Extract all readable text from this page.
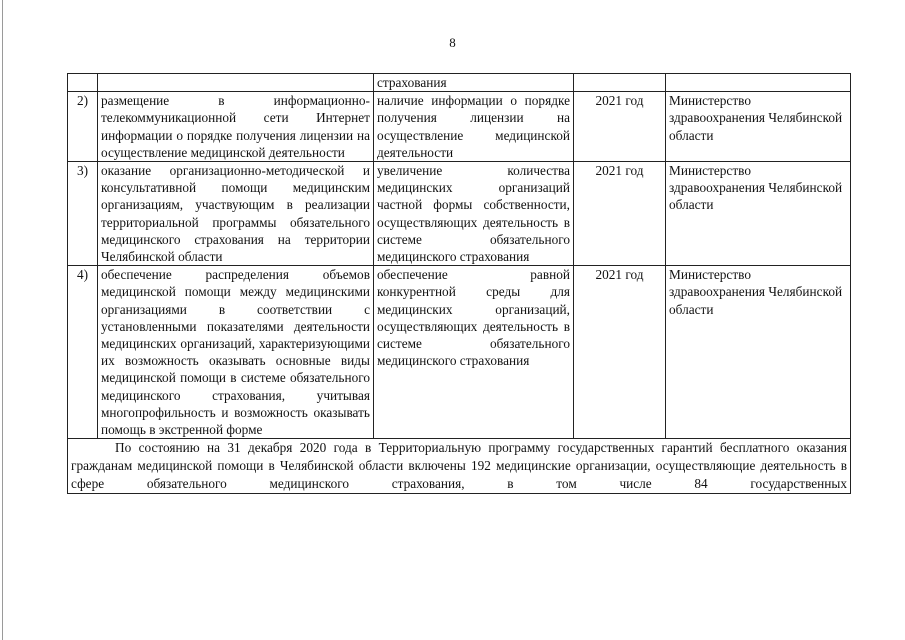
8
		страхования		
2)	размещение в информационно-телекоммуникационной сети Интернет информации о порядке получения лицензии на осуществление медицинской деятельности	наличие информации о порядке получения лицензии на осуществление медицинской деятельности	2021 год	Министерство здравоохранения Челябинской области
3)	оказание организационно-методической и консультативной помощи медицинским организациям, участвующим в реализации территориальной программы обязательного медицинского страхования на территории Челябинской области	увеличение количества медицинских организаций частной формы собственности, осуществляющих деятельность в системе обязательного медицинского страхования	2021 год	Министерство здравоохранения Челябинской области
4)	обеспечение распределения объемов медицинской помощи между медицинскими организациями в соответствии с установленными показателями деятельности медицинских организаций, характеризующими их возможность оказывать основные виды медицинской помощи в системе обязательного медицинского страхования, учитывая многопрофильность и возможность оказывать помощь в экстренной форме	обеспечение равной конкурентной среды для медицинских организаций, осуществляющих деятельность в системе обязательного медицинского страхования	2021 год	Министерство здравоохранения Челябинской области
По состоянию на 31 декабря 2020 года в Территориальную программу государственных гарантий бесплатного оказания гражданам медицинской помощи в Челябинской области включены 192 медицинские организации, осуществляющие деятельность в сфере обязательного медицинского страхования, в том числе 84 государственных				
